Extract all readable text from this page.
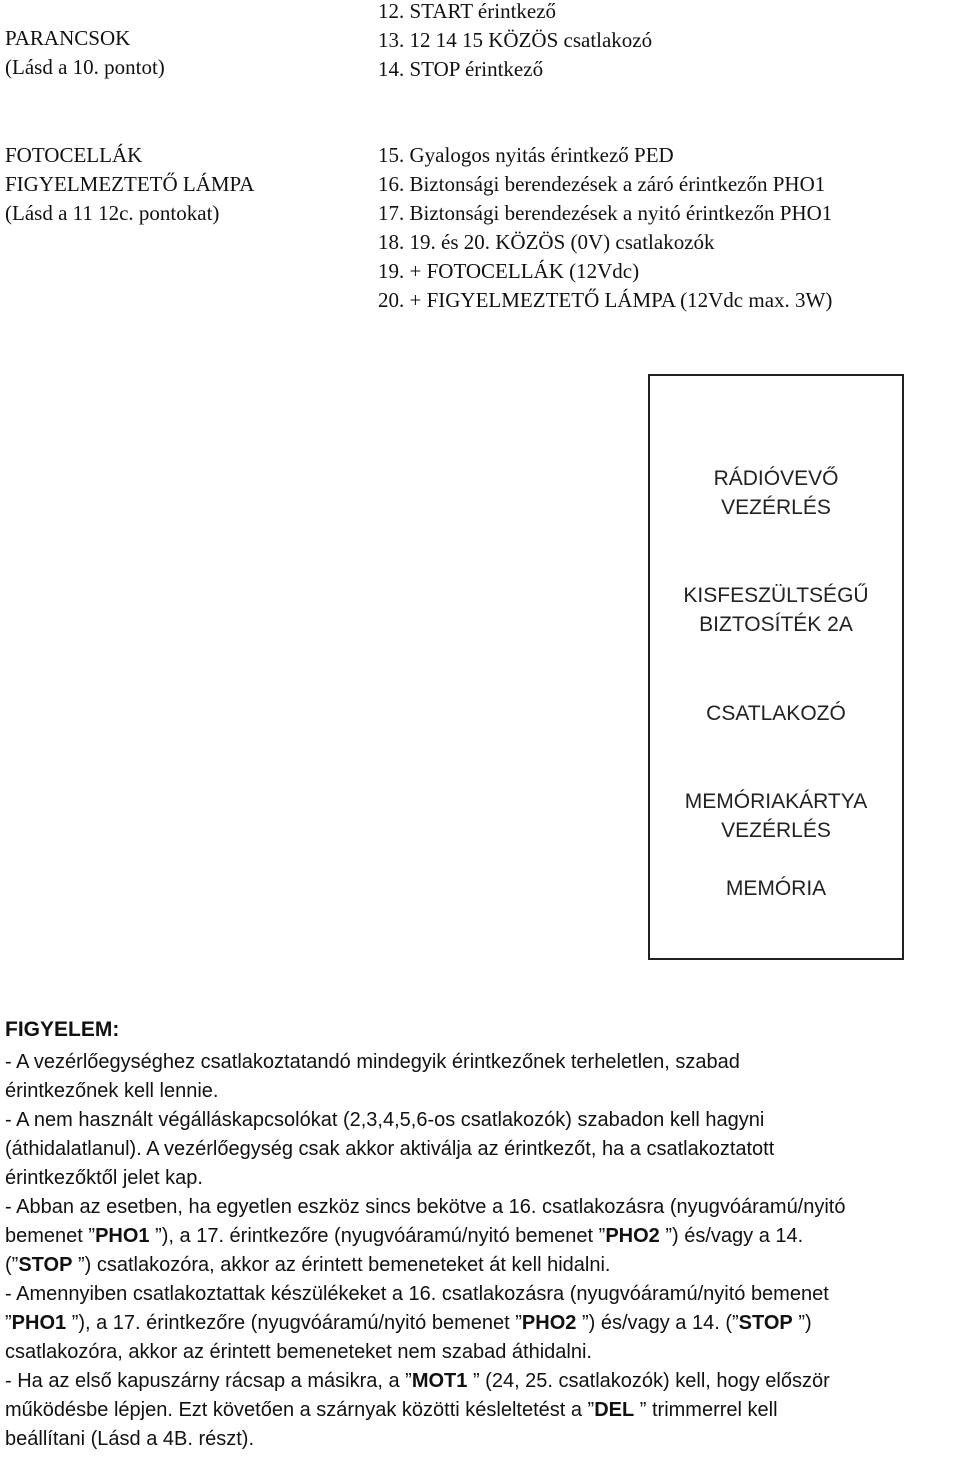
PARANCSOK
(Lásd a 10. pontot)
FOTOCELLÁK
FIGYELMEZTETŐ LÁMPA
(Lásd a 11 12c. pontokat)
12. START érintkező
13. 12 14 15 KÖZÖS csatlakozó
14. STOP érintkező
15. Gyalogos nyitás érintkező PED
16. Biztonsági berendezések a záró érintkezőn PHO1
17. Biztonsági berendezések a nyitó érintkezőn PHO1
18. 19. és 20. KÖZÖS (0V) csatlakozók
19. + FOTOCELLÁK (12Vdc)
20. + FIGYELMEZTETŐ LÁMPA (12Vdc max. 3W)
RÁDIÓVEVŐ
VEZÉRLÉS
KISFESZÜLTSÉGŰ
BIZTOSÍTÉK 2A
CSATLAKOZÓ
MEMÓRIAKÁRTYA
VEZÉRLÉS
MEMÓRIA
FIGYELEM:
- A vezérlőegységhez csatlakoztatandó mindegyik érintkezőnek terheletlen, szabad
érintkezőnek kell lennie.
- A nem használt végálláskapcsolókat (2,3,4,5,6-os csatlakozók) szabadon kell hagyni
(áthidalatlanul). A vezérlőegység csak akkor aktiválja az érintkezőt, ha a csatlakoztatott
érintkezőktől jelet kap.
- Abban az esetben, ha egyetlen eszköz sincs bekötve a 16. csatlakozásra (nyugvóáramú/nyitó
bemenet ”PHO1 ”), a 17. érintkezőre (nyugvóáramú/nyitó bemenet ”PHO2 ”) és/vagy a 14.
(”STOP ”) csatlakozóra, akkor az érintett bemeneteket át kell hidalni.
- Amennyiben csatlakoztattak készülékeket a 16. csatlakozásra (nyugvóáramú/nyitó bemenet
”PHO1 ”), a 17. érintkezőre (nyugvóáramú/nyitó bemenet ”PHO2 ”) és/vagy a 14. (”STOP ”)
csatlakozóra, akkor az érintett bemeneteket nem szabad áthidalni.
- Ha az első kapuszárny rácsap a másikra, a ”MOT1 ” (24, 25. csatlakozók) kell, hogy először
működésbe lépjen. Ezt követően a szárnyak közötti késleltetést a ”DEL ” trimmerrel kell
beállítani (Lásd a 4B. részt).
